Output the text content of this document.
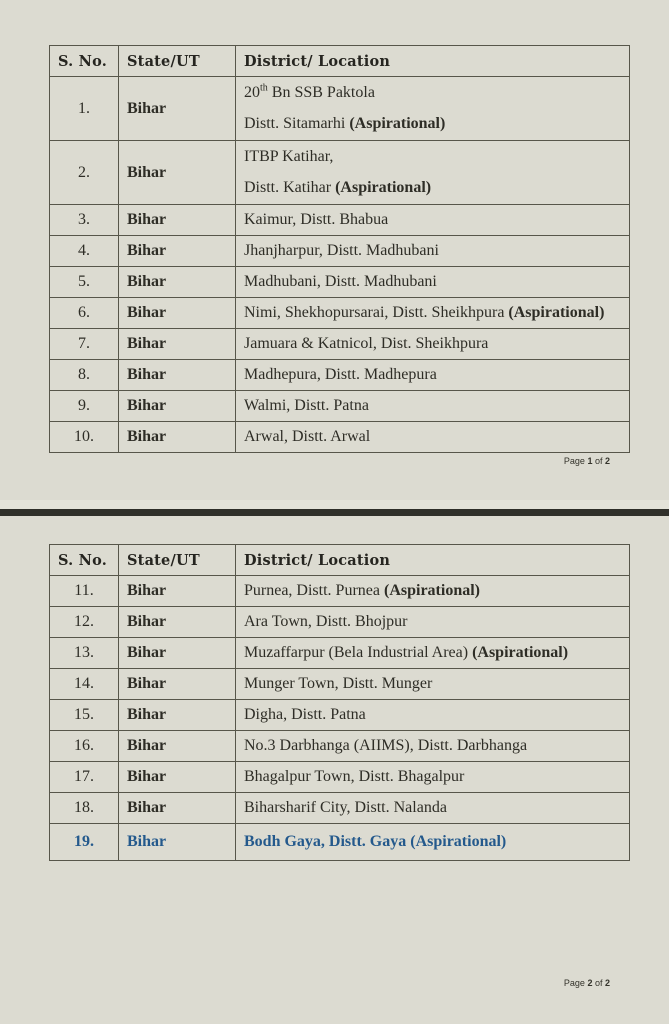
S. No.	State/UT	District/ Location
1.	Bihar	20th Bn SSB Paktola

Distt. Sitamarhi (Aspirational)

2.	Bihar	ITBP Katihar,

Distt. Katihar (Aspirational)

3.	Bihar	Kaimur, Distt. Bhabua

4.	Bihar	Jhanjharpur, Distt. Madhubani

5.	Bihar	Madhubani, Distt. Madhubani

6.	Bihar	Nimi, Shekhopursarai, Distt. Sheikhpura (Aspirational)

7.	Bihar	Jamuara & Katnicol, Dist. Sheikhpura

8.	Bihar	Madhepura, Distt. Madhepura

9.	Bihar	Walmi, Distt. Patna

10.	Bihar	Arwal, Distt. Arwal

Page 1 of 2
S. No.	State/UT	District/ Location
11.	Bihar	Purnea, Distt. Purnea (Aspirational)

12.	Bihar	Ara Town, Distt. Bhojpur

13.	Bihar	Muzaffarpur (Bela Industrial Area) (Aspirational)

14.	Bihar	Munger Town, Distt. Munger

15.	Bihar	Digha, Distt. Patna

16.	Bihar	No.3 Darbhanga (AIIMS), Distt. Darbhanga

17.	Bihar	Bhagalpur Town, Distt. Bhagalpur

18.	Bihar	Biharsharif City, Distt. Nalanda

19.	Bihar	Bodh Gaya, Distt. Gaya (Aspirational)

Page 2 of 2
